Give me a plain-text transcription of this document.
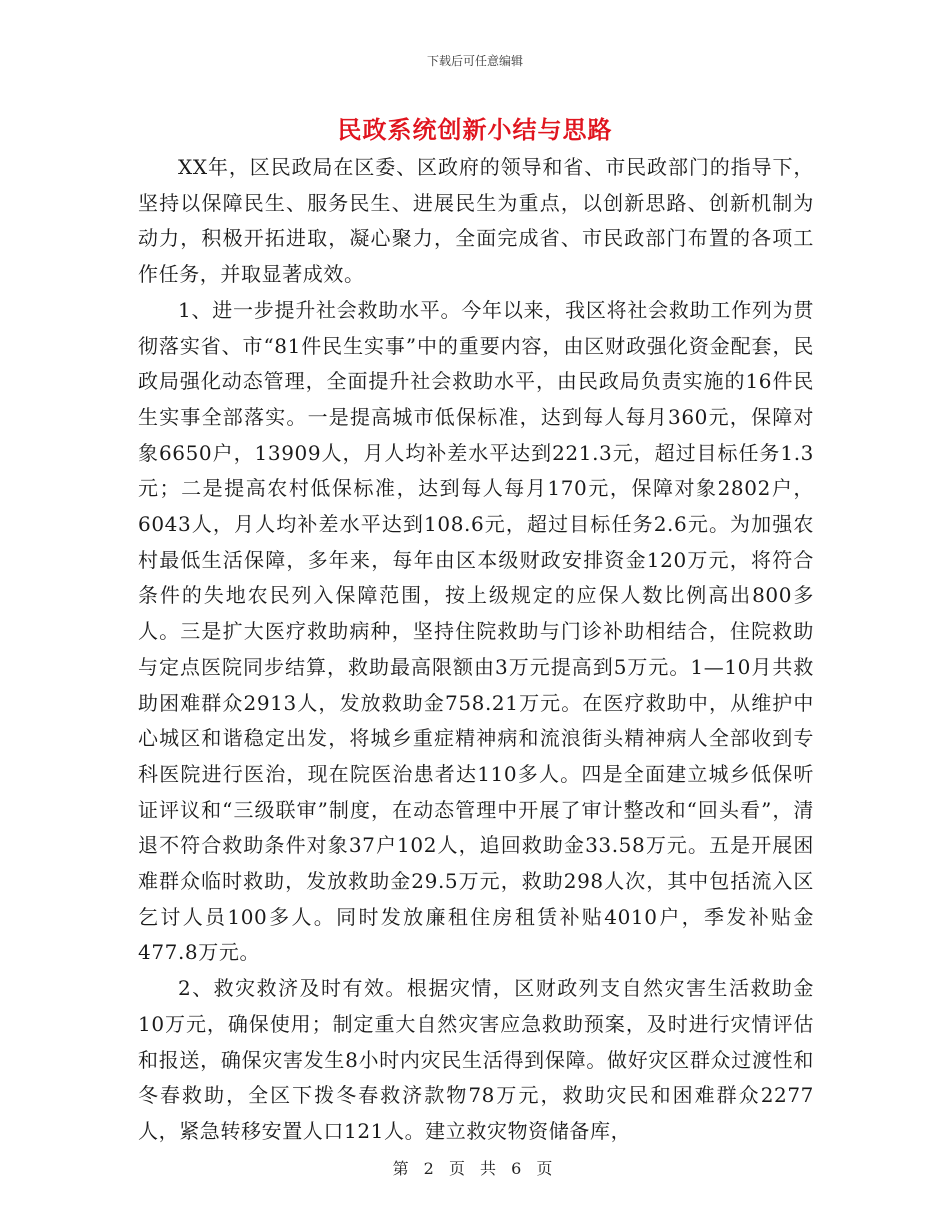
下载后可任意编辑
民政系统创新小结与思路

XX年，区民政局在区委、区政府的领导和省、市民政部门的指导下，坚持以保障民生、服务民生、进展民生为重点，以创新思路、创新机制为动力，积极开拓进取，凝心聚力，全面完成省、市民政部门布置的各项工作任务，并取显著成效。

1、进一步提升社会救助水平。今年以来，我区将社会救助工作列为贯彻落实省、市“81件民生实事”中的重要内容，由区财政强化资金配套，民政局强化动态管理，全面提升社会救助水平，由民政局负责实施的16件民生实事全部落实。一是提高城市低保标准，达到每人每月360元，保障对象6650户，13909人，月人均补差水平达到221.3元，超过目标任务1.3元；二是提高农村低保标准，达到每人每月170元，保障对象2802户，6043人，月人均补差水平达到108.6元，超过目标任务2.6元。为加强农村最低生活保障，多年来，每年由区本级财政安排资金120万元，将符合条件的失地农民列入保障范围，按上级规定的应保人数比例高出800多人。三是扩大医疗救助病种，坚持住院救助与门诊补助相结合，住院救助与定点医院同步结算，救助最高限额由3万元提高到5万元。1—10月共救助困难群众2913人，发放救助金758.21万元。在医疗救助中，从维护中心城区和谐稳定出发，将城乡重症精神病和流浪街头精神病人全部收到专科医院进行医治，现在院医治患者达110多人。四是全面建立城乡低保听证评议和“三级联审”制度，在动态管理中开展了审计整改和“回头看”，清退不符合救助条件对象37户102人，追回救助金33.58万元。五是开展困难群众临时救助，发放救助金29.5万元，救助298人次，其中包括流入区乞讨人员100多人。同时发放廉租住房租赁补贴4010户，季发补贴金477.8万元。

2、救灾救济及时有效。根据灾情，区财政列支自然灾害生活救助金10万元，确保使用；制定重大自然灾害应急救助预案，及时进行灾情评估和报送，确保灾害发生8小时内灾民生活得到保障。做好灾区群众过渡性和冬春救助，全区下拨冬春救济款物78万元，救助灾民和困难群众2277人，紧急转移安置人口121人。建立救灾物资储备库，

第 2 页 共 6 页
